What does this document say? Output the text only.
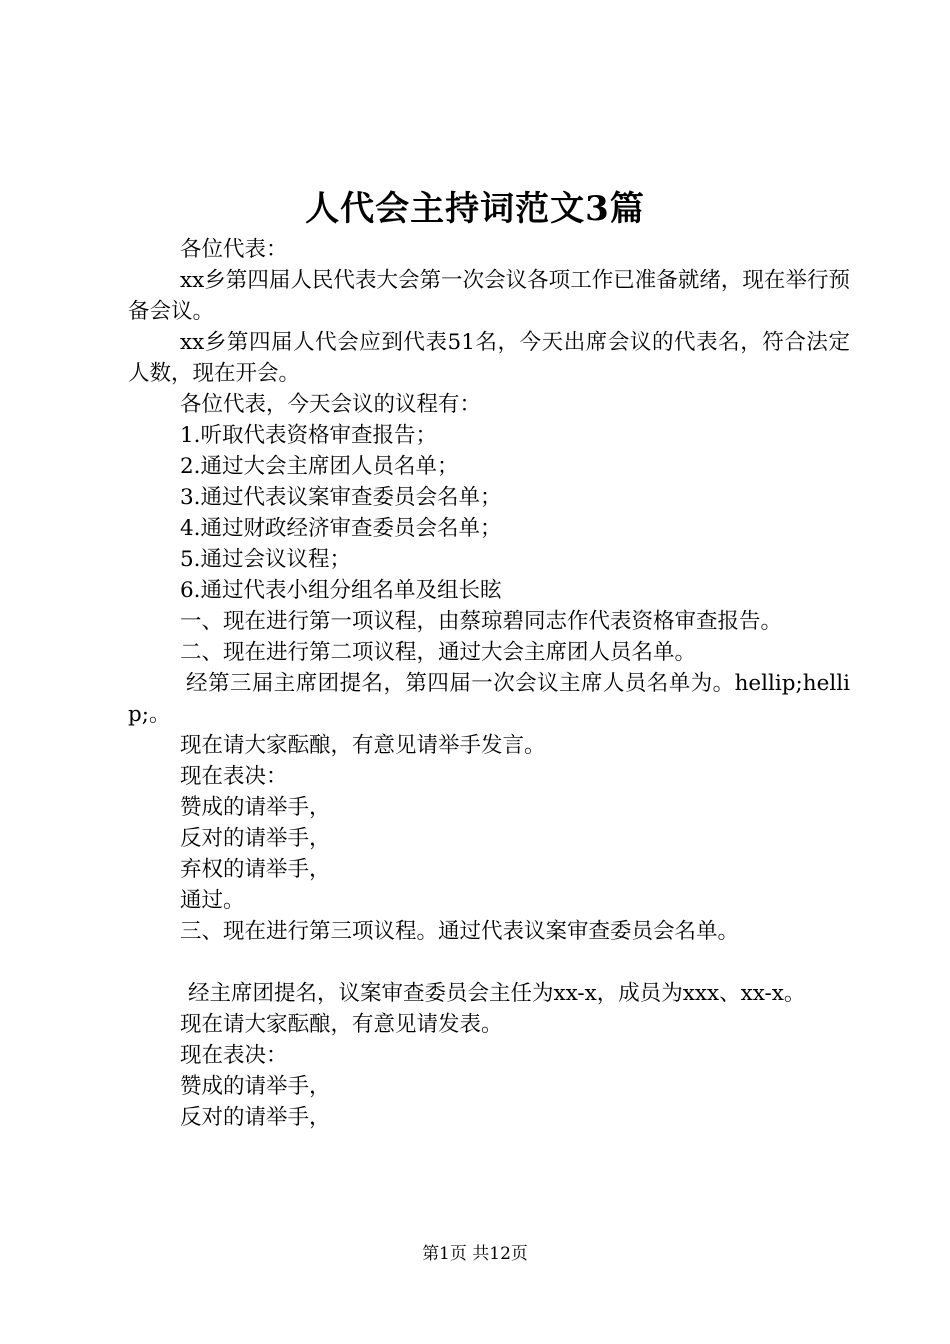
人代会主持词范文3篇

各位代表：

xx乡第四届人民代表大会第一次会议各项工作已准备就绪，现在举行预备会议。

xx乡第四届人代会应到代表51名，今天出席会议的代表名，符合法定人数，现在开会。

各位代表，今天会议的议程有：

1.听取代表资格审查报告；

2.通过大会主席团人员名单；

3.通过代表议案审查委员会名单；

4.通过财政经济审查委员会名单；

5.通过会议议程；

6.通过代表小组分组名单及组长眩

一、现在进行第一项议程，由蔡琼碧同志作代表资格审查报告。

二、现在进行第二项议程，通过大会主席团人员名单。

经第三届主席团提名，第四届一次会议主席人员名单为。hellip;hellip;。

现在请大家酝酿，有意见请举手发言。

现在表决：

赞成的请举手，

反对的请举手，

弃权的请举手，

通过。

三、现在进行第三项议程。通过代表议案审查委员会名单。

经主席团提名，议案审查委员会主任为xx-x，成员为xxx、xx-x。

现在请大家酝酿，有意见请发表。

现在表决：

赞成的请举手，

反对的请举手，

第1页 共12页
